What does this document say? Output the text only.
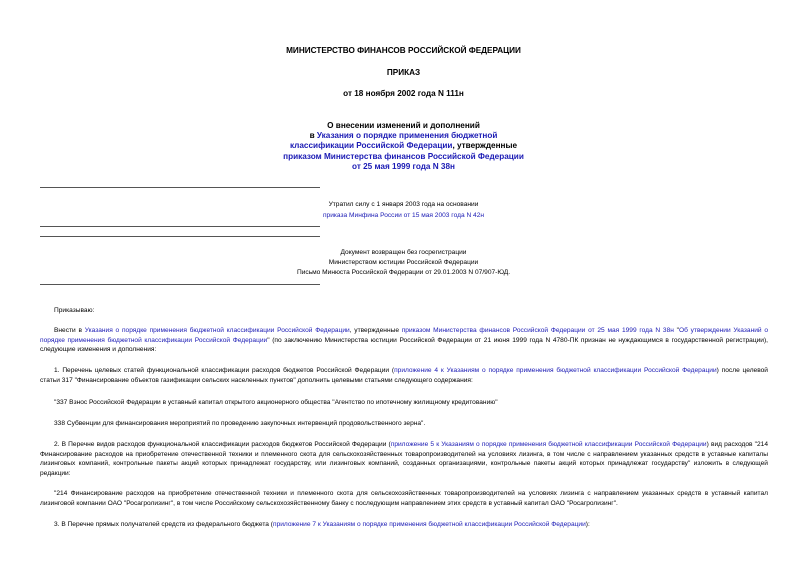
МИНИСТЕРСТВО ФИНАНСОВ РОССИЙСКОЙ ФЕДЕРАЦИИ
ПРИКАЗ
от 18 ноября 2002 года N 111н
О внесении изменений и дополнений
в Указания о порядке применения бюджетной
классификации Российской Федерации, утвержденные
приказом Министерства финансов Российской Федерации
от 25 мая 1999 года N 38н
Утратил силу с 1 января 2003 года на основании
приказа Минфина России от 15 мая 2003 года N 42н
Документ возвращен без госрегистрации
Министерством юстиции Российской Федерации
Письмо Минюста Российской Федерации от 29.01.2003 N 07/907-ЮД.
Приказываю:
Внести в Указания о порядке применения бюджетной классификации Российской Федерации, утвержденные приказом Министерства финансов Российской Федерации от 25 мая 1999 года N 38н "Об утверждении Указаний о порядке применения бюджетной классификации Российской Федерации" (по заключению Министерства юстиции Российской Федерации от 21 июня 1999 года N 4780-ПК признан не нуждающимся в государственной регистрации), следующие изменения и дополнения:
1. Перечень целевых статей функциональной классификации расходов бюджетов Российской Федерации (приложение 4 к Указаниям о порядке применения бюджетной классификации Российской Федерации) после целевой статьи 317 "Финансирование объектов газификации сельских населенных пунктов" дополнить целевыми статьями следующего содержания:
"337 Взнос Российской Федерации в уставный капитал открытого акционерного общества "Агентство по ипотечному жилищному кредитованию"
338 Субвенции для финансирования мероприятий по проведению закупочных интервенций продовольственного зерна".
2. В Перечне видов расходов функциональной классификации расходов бюджетов Российской Федерации (приложение 5 к Указаниям о порядке применения бюджетной классификации Российской Федерации) вид расходов "214 Финансирование расходов на приобретение отечественной техники и племенного скота для сельскохозяйственных товаропроизводителей на условиях лизинга, в том числе с направлением указанных средств в уставные капиталы лизинговых компаний, контрольные пакеты акций которых принадлежат государству, или лизинговых компаний, созданных организациями, контрольные пакеты акций которых принадлежат государству" изложить в следующей редакции:
"214 Финансирование расходов на приобретение отечественной техники и племенного скота для сельскохозяйственных товаропроизводителей на условиях лизинга с направлением указанных средств в уставный капитал лизинговой компании ОАО "Росагролизинг", в том числе Российскому сельскохозяйственному банку с последующим направлением этих средств в уставный капитал ОАО "Росагролизинг".
3. В Перечне прямых получателей средств из федерального бюджета (приложение 7 к Указаниям о порядке применения бюджетной классификации Российской Федерации):
